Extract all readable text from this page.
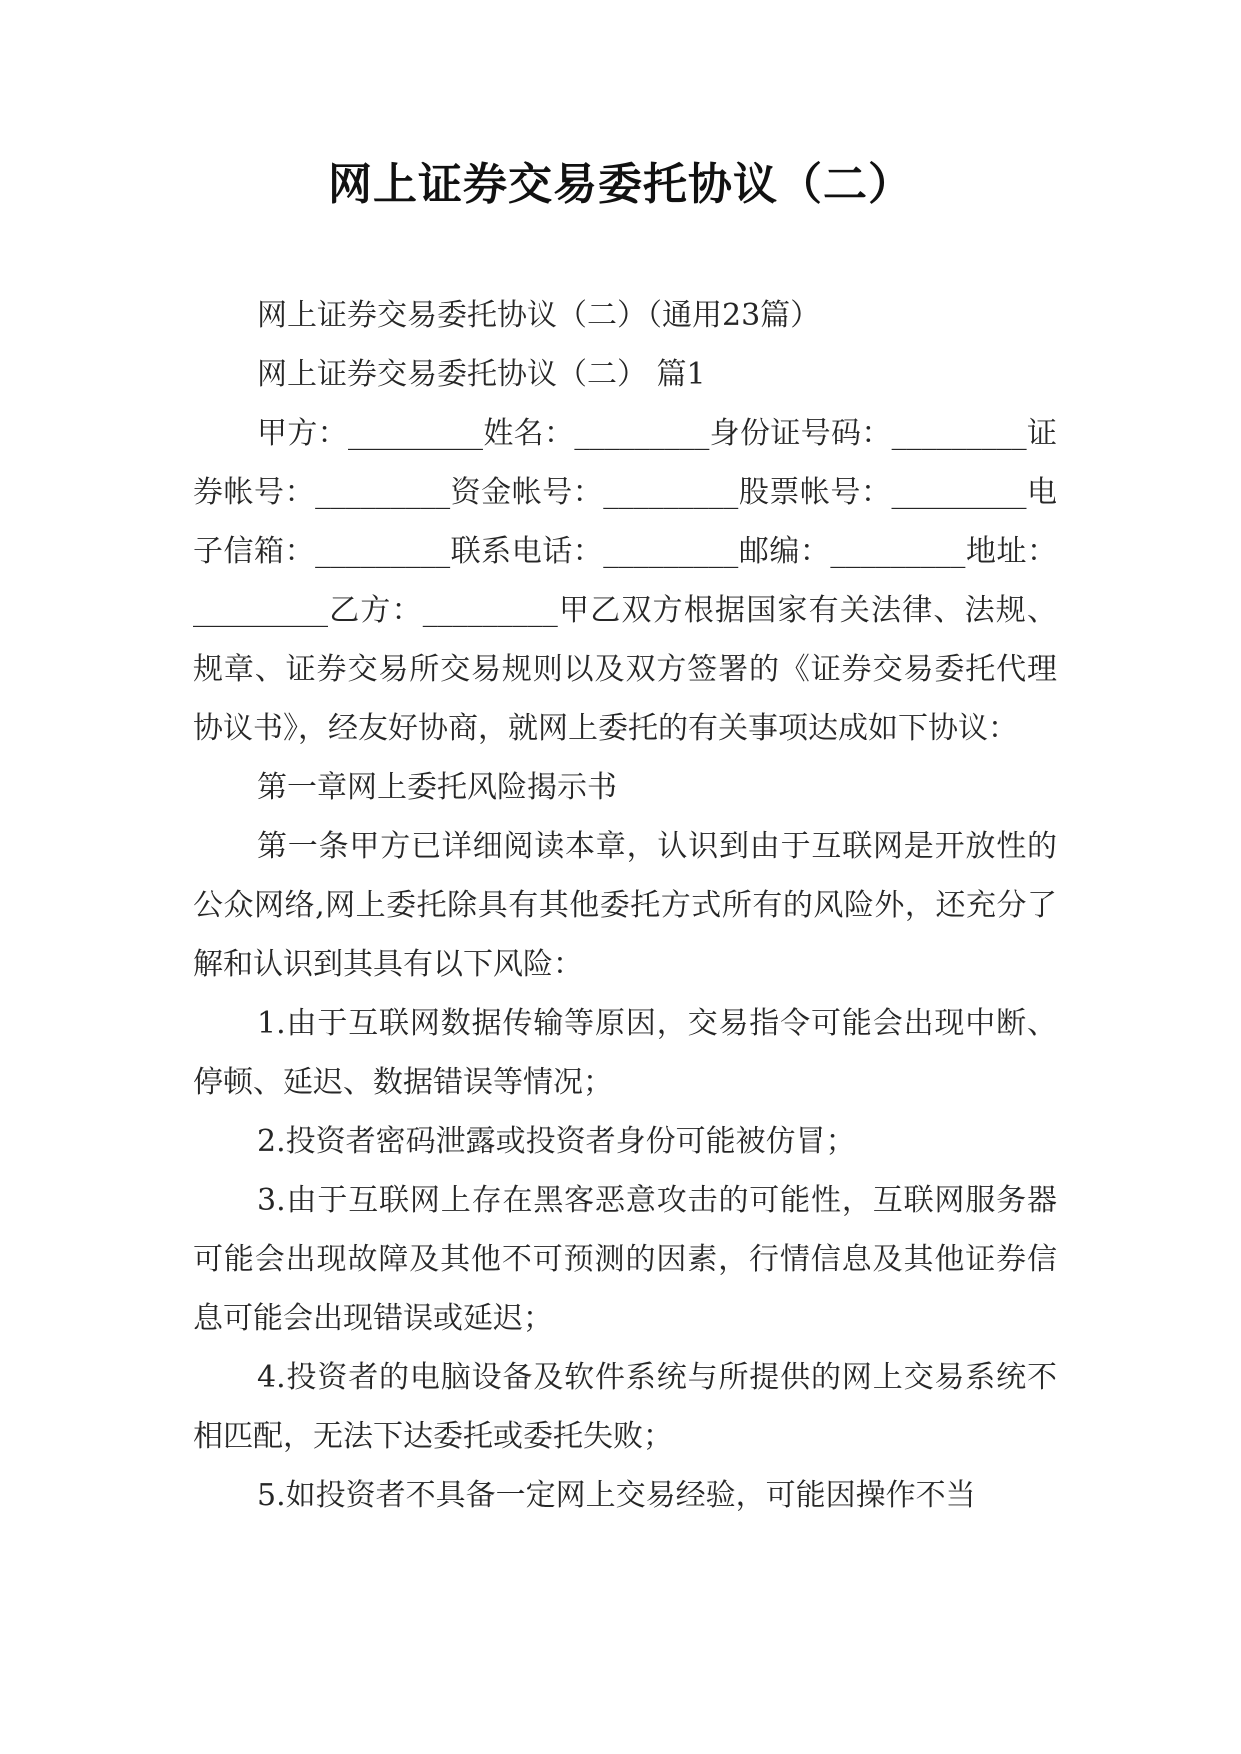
网上证券交易委托协议（二）

网上证券交易委托协议（二）（通用23篇）

网上证券交易委托协议（二） 篇1

甲方：_________姓名：_________身份证号码：_________证券帐号：_________资金帐号：_________股票帐号：_________电子信箱：_________联系电话：_________邮编：_________地址：_________乙方：_________甲乙双方根据国家有关法律、法规、规章、证券交易所交易规则以及双方签署的《证券交易委托代理协议书》，经友好协商，就网上委托的有关事项达成如下协议：

第一章网上委托风险揭示书

第一条甲方已详细阅读本章，认识到由于互联网是开放性的公众网络,网上委托除具有其他委托方式所有的风险外，还充分了解和认识到其具有以下风险：

1.由于互联网数据传输等原因，交易指令可能会出现中断、停顿、延迟、数据错误等情况；

2.投资者密码泄露或投资者身份可能被仿冒；

3.由于互联网上存在黑客恶意攻击的可能性，互联网服务器可能会出现故障及其他不可预测的因素，行情信息及其他证券信息可能会出现错误或延迟；

4.投资者的电脑设备及软件系统与所提供的网上交易系统不相匹配，无法下达委托或委托失败；

5.如投资者不具备一定网上交易经验，可能因操作不当
